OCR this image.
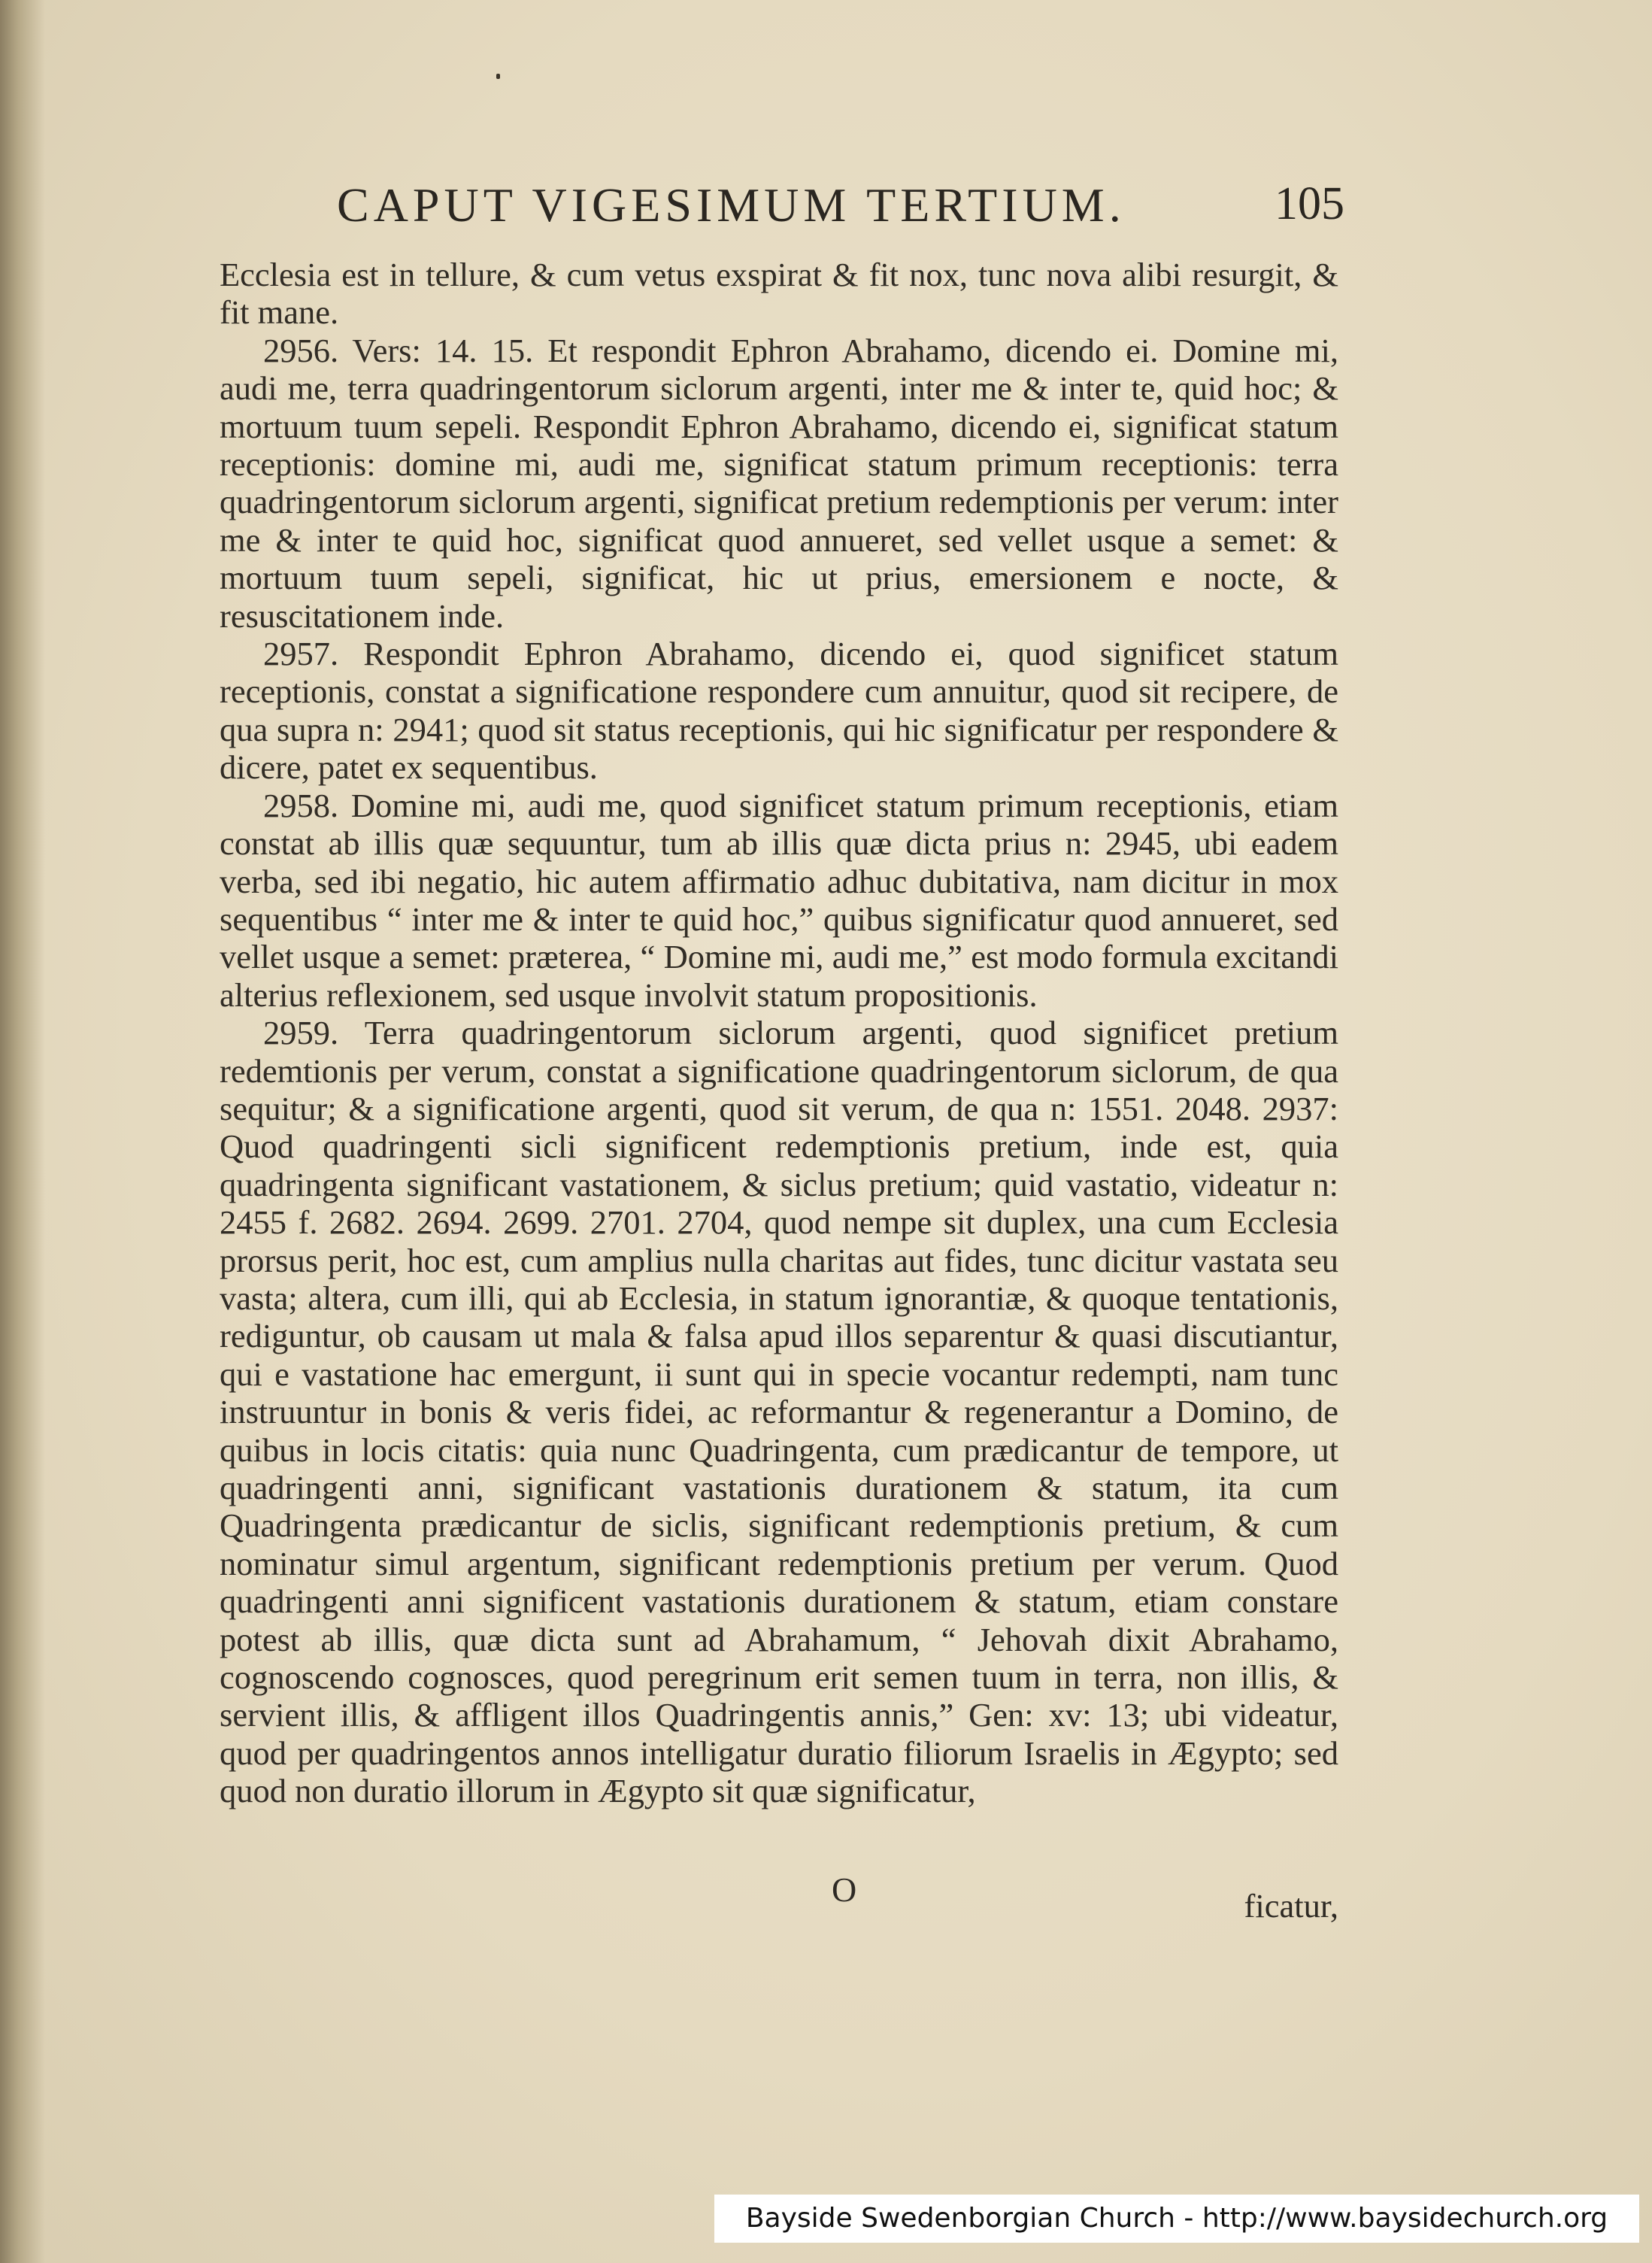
CAPUT VIGESIMUM TERTIUM.	105

Ecclesia est in tellure, & cum vetus exspirat & fit nox, tunc nova alibi resurgit, & fit mane.

2956. Vers: 14. 15. Et respondit Ephron Abrahamo, dicendo ei. Domine mi, audi me, terra quadringentorum siclorum argenti, inter me & inter te, quid hoc; & mortuum tuum sepeli. Respondit Ephron Abrahamo, dicendo ei, significat statum receptionis: domine mi, audi me, significat statum primum receptionis: terra quadringentorum siclorum argenti, significat pretium redemptionis per verum: inter me & inter te quid hoc, significat quod annueret, sed vellet usque a semet: & mortuum tuum sepeli, significat, hic ut prius, emersionem e nocte, & resuscitationem inde.

2957. Respondit Ephron Abrahamo, dicendo ei, quod significet statum receptionis, constat a significatione respondere cum annuitur, quod sit recipere, de qua supra n: 2941; quod sit status receptionis, qui hic significatur per respondere & dicere, patet ex sequentibus.

2958. Domine mi, audi me, quod significet statum primum receptionis, etiam constat ab illis quæ sequuntur, tum ab illis quæ dicta prius n: 2945, ubi eadem verba, sed ibi negatio, hic autem affirmatio adhuc dubitativa, nam dicitur in mox sequentibus “ inter me & inter te quid hoc,” quibus significatur quod annueret, sed vellet usque a semet: præterea, “ Domine mi, audi me,” est modo formula excitandi alterius reflexionem, sed usque involvit statum propositionis.

2959. Terra quadringentorum siclorum argenti, quod significet pretium redemtionis per verum, constat a significatione quadringentorum siclorum, de qua sequitur; & a significatione argenti, quod sit verum, de qua n: 1551. 2048. 2937: Quod quadringenti sicli significent redemptionis pretium, inde est, quia quadringenta significant vastationem, & siclus pretium; quid vastatio, videatur n: 2455 f. 2682. 2694. 2699. 2701. 2704, quod nempe sit duplex, una cum Ecclesia prorsus perit, hoc est, cum amplius nulla charitas aut fides, tunc dicitur vastata seu vasta; altera, cum illi, qui ab Ecclesia, in statum ignorantiæ, & quoque tentationis, rediguntur, ob causam ut mala & falsa apud illos separentur & quasi discutiantur, qui e vastatione hac emergunt, ii sunt qui in specie vocantur redempti, nam tunc instruuntur in bonis & veris fidei, ac reformantur & regenerantur a Domino, de quibus in locis citatis: quia nunc Quadringenta, cum prædicantur de tempore, ut quadringenti anni, significant vastationis durationem & statum, ita cum Quadringenta prædicantur de siclis, significant redemptionis pretium, & cum nominatur simul argentum, significant redemptionis pretium per verum. Quod quadringenti anni significent vastationis durationem & statum, etiam constare potest ab illis, quæ dicta sunt ad Abrahamum, “ Jehovah dixit Abrahamo, cognoscendo cognosces, quod peregrinum erit semen tuum in terra, non illis, & servient illis, & affligent illos Quadringentis annis,” Gen: xv: 13; ubi videatur, quod per quadringentos annos intelligatur duratio filiorum Israelis in Ægypto; sed quod non duratio illorum in Ægypto sit quæ significatur,

O	ficatur,
Bayside Swedenborgian Church - http://www.baysidechurch.org
